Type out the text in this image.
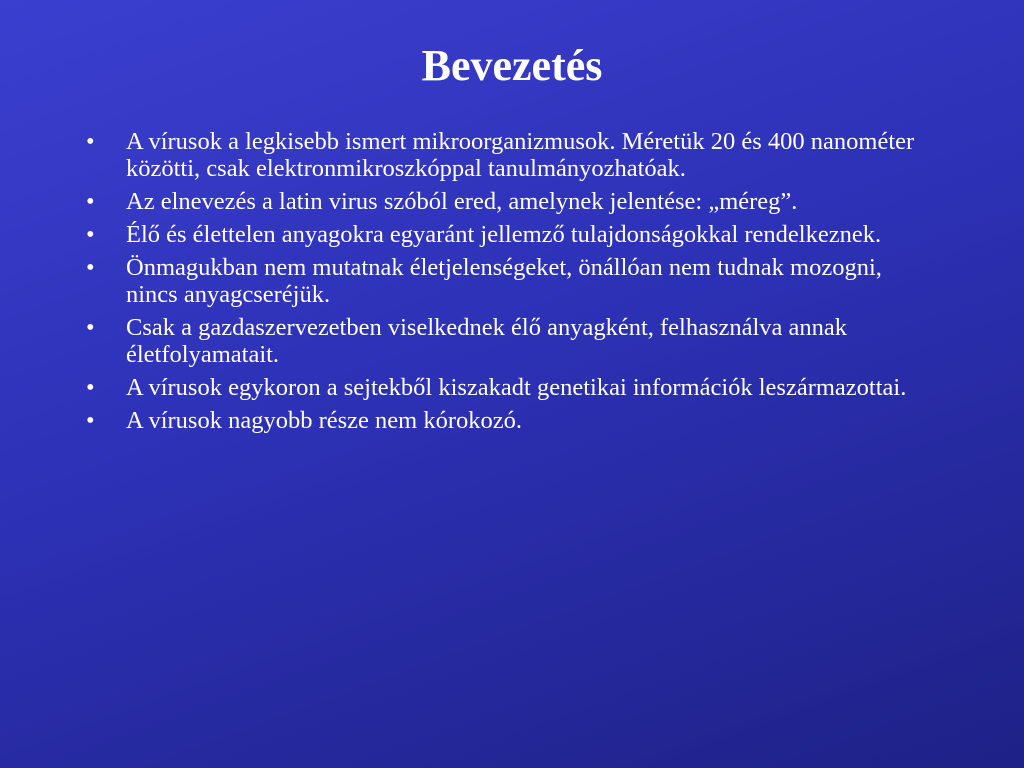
Bevezetés
• A vírusok a legkisebb ismert mikroorganizmusok. Méretük 20 és 400 nanométer közötti, csak elektronmikroszkóppal tanulmányozhatóak.
• Az elnevezés a latin virus szóból ered, amelynek jelentése: „méreg”.
• Élő és élettelen anyagokra egyaránt jellemző tulajdonságokkal rendelkeznek.
• Önmagukban nem mutatnak életjelenségeket, önállóan nem tudnak mozogni, nincs anyagcseréjük.
• Csak a gazdaszervezetben viselkednek élő anyagként, felhasználva annak életfolyamatait.
• A vírusok egykoron a sejtekből kiszakadt genetikai információk leszármazottai.
• A vírusok nagyobb része nem kórokozó.
